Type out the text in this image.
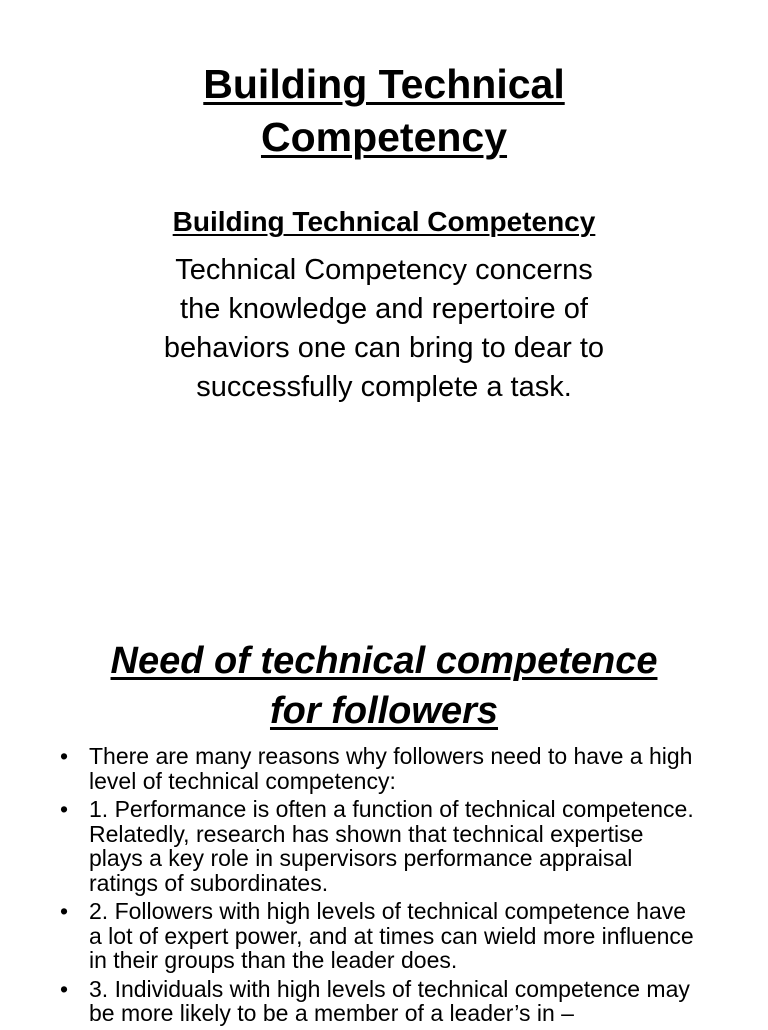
Building Technical
Competency
Building Technical Competency
Technical Competency concerns
the knowledge and repertoire of
behaviors one can bring to dear to
successfully complete a task.
Need of technical competence
for followers
• There are many reasons why followers need to have a high level of technical competency:
• 1. Performance is often a function of technical competence. Relatedly, research has shown that technical expertise plays a key role in supervisors performance appraisal ratings of subordinates.
• 2. Followers with high levels of technical competence have a lot of expert power, and at times can wield more influence in their groups than the leader does.
• 3. Individuals with high levels of technical competence may be more likely to be a member of a leader’s in –
